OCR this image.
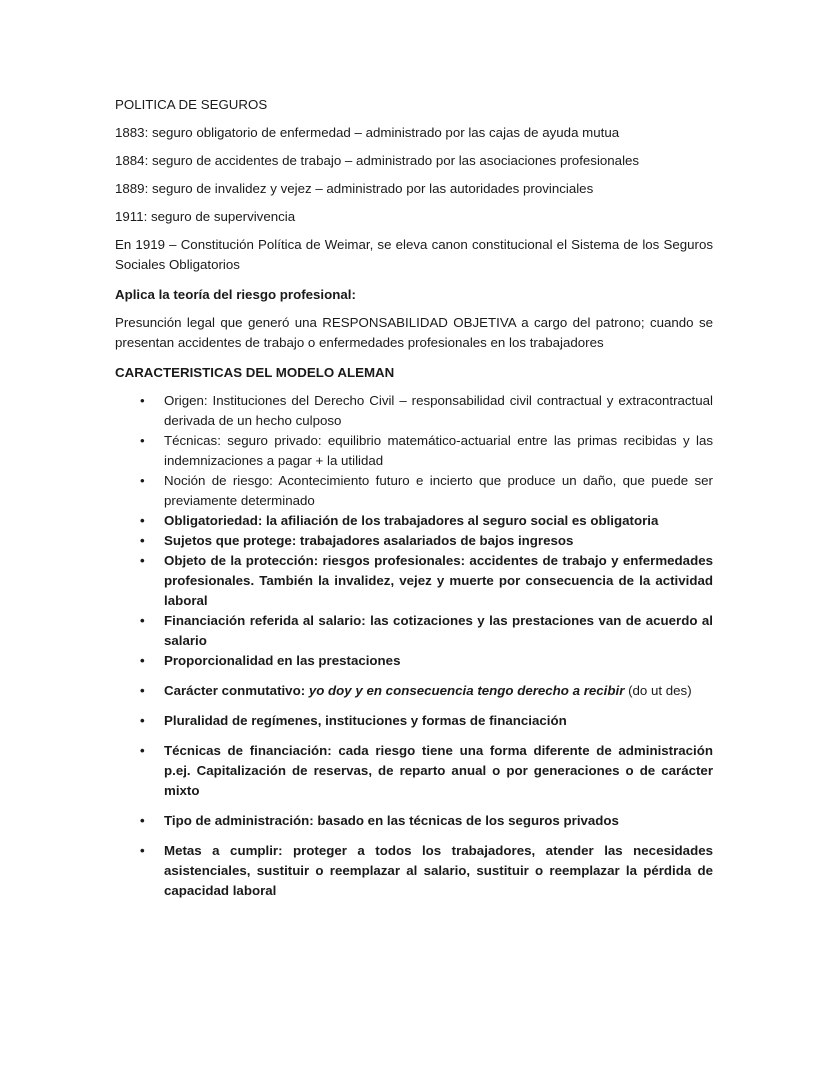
POLITICA DE SEGUROS

1883: seguro obligatorio de enfermedad – administrado por las cajas de ayuda mutua

1884: seguro de accidentes de trabajo – administrado por las asociaciones profesionales

1889: seguro de invalidez y vejez – administrado por las autoridades provinciales

1911: seguro de supervivencia

En 1919 – Constitución Política de Weimar, se eleva canon constitucional el Sistema de los Seguros Sociales Obligatorios

Aplica la teoría del riesgo profesional:

Presunción legal que generó una RESPONSABILIDAD OBJETIVA a cargo del patrono; cuando se presentan accidentes de trabajo o enfermedades profesionales en los trabajadores

CARACTERISTICAS DEL MODELO ALEMAN

• Origen: Instituciones del Derecho Civil – responsabilidad civil contractual y extracontractual derivada de un hecho culposo
• Técnicas: seguro privado: equilibrio matemático-actuarial entre las primas recibidas y las indemnizaciones a pagar + la utilidad
• Noción de riesgo: Acontecimiento futuro e incierto que produce un daño, que puede ser previamente determinado
• Obligatoriedad: la afiliación de los trabajadores al seguro social es obligatoria
• Sujetos que protege: trabajadores asalariados de bajos ingresos
• Objeto de la protección: riesgos profesionales: accidentes de trabajo y enfermedades profesionales. También la invalidez, vejez y muerte por consecuencia de la actividad laboral
• Financiación referida al salario: las cotizaciones y las prestaciones van de acuerdo al salario
• Proporcionalidad en las prestaciones
• Carácter conmutativo: yo doy y en consecuencia tengo derecho a recibir (do ut des)
• Pluralidad de regímenes, instituciones y formas de financiación
• Técnicas de financiación: cada riesgo tiene una forma diferente de administración p.ej. Capitalización de reservas, de reparto anual o por generaciones o de carácter mixto
• Tipo de administración: basado en las técnicas de los seguros privados
• Metas a cumplir: proteger a todos los trabajadores, atender las necesidades asistenciales, sustituir o reemplazar al salario, sustituir o reemplazar la pérdida de capacidad laboral
